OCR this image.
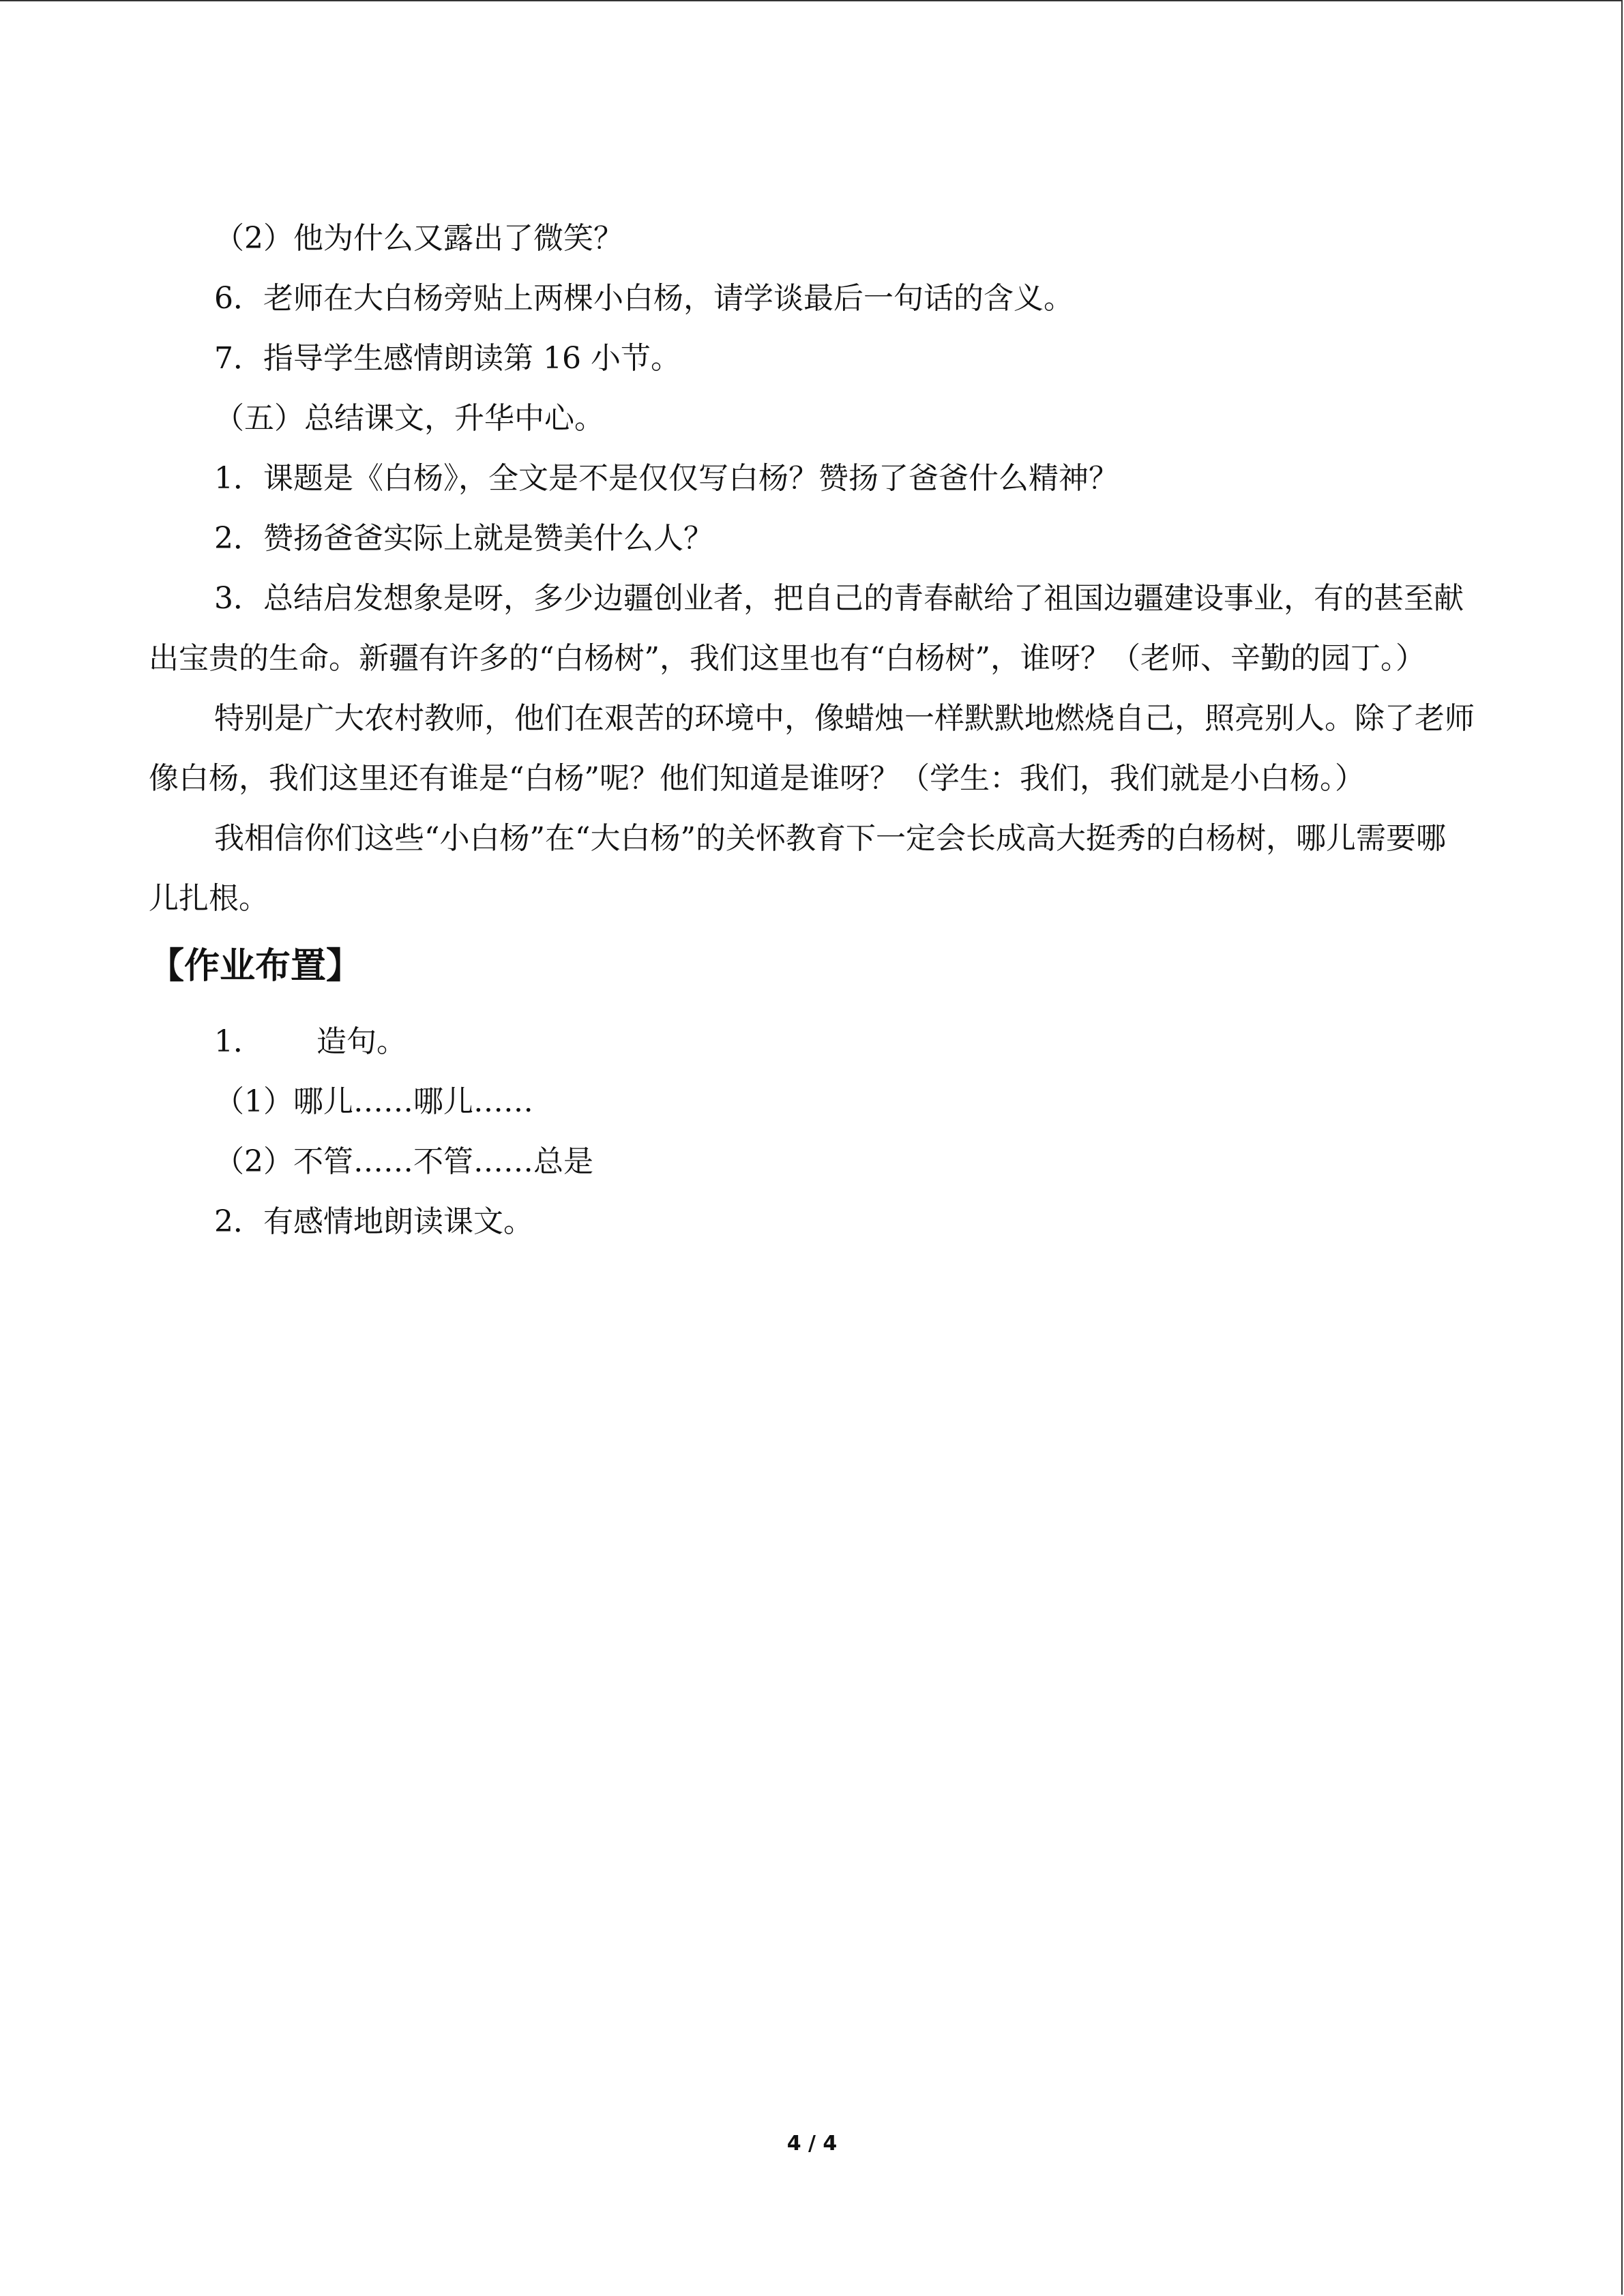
（2）他为什么又露出了微笑？

6．老师在大白杨旁贴上两棵小白杨，请学谈最后一句话的含义。

7．指导学生感情朗读第 16 小节。

（五）总结课文，升华中心。

1．课题是《白杨》，全文是不是仅仅写白杨？赞扬了爸爸什么精神？

2．赞扬爸爸实际上就是赞美什么人？

3．总结启发想象是呀，多少边疆创业者，把自己的青春献给了祖国边疆建设事业，有的甚至献出宝贵的生命。新疆有许多的“白杨树”，我们这里也有“白杨树”，谁呀？（老师、辛勤的园丁。）

特别是广大农村教师，他们在艰苦的环境中，像蜡烛一样默默地燃烧自己，照亮别人。除了老师像白杨，我们这里还有谁是“白杨”呢？他们知道是谁呀？（学生：我们，我们就是小白杨。）

我相信你们这些“小白杨”在“大白杨”的关怀教育下一定会长成高大挺秀的白杨树，哪儿需要哪儿扎根。

【作业布置】

1． 造句。

（1）哪儿……哪儿……

（2）不管……不管……总是

2．有感情地朗读课文。

4 / 4
